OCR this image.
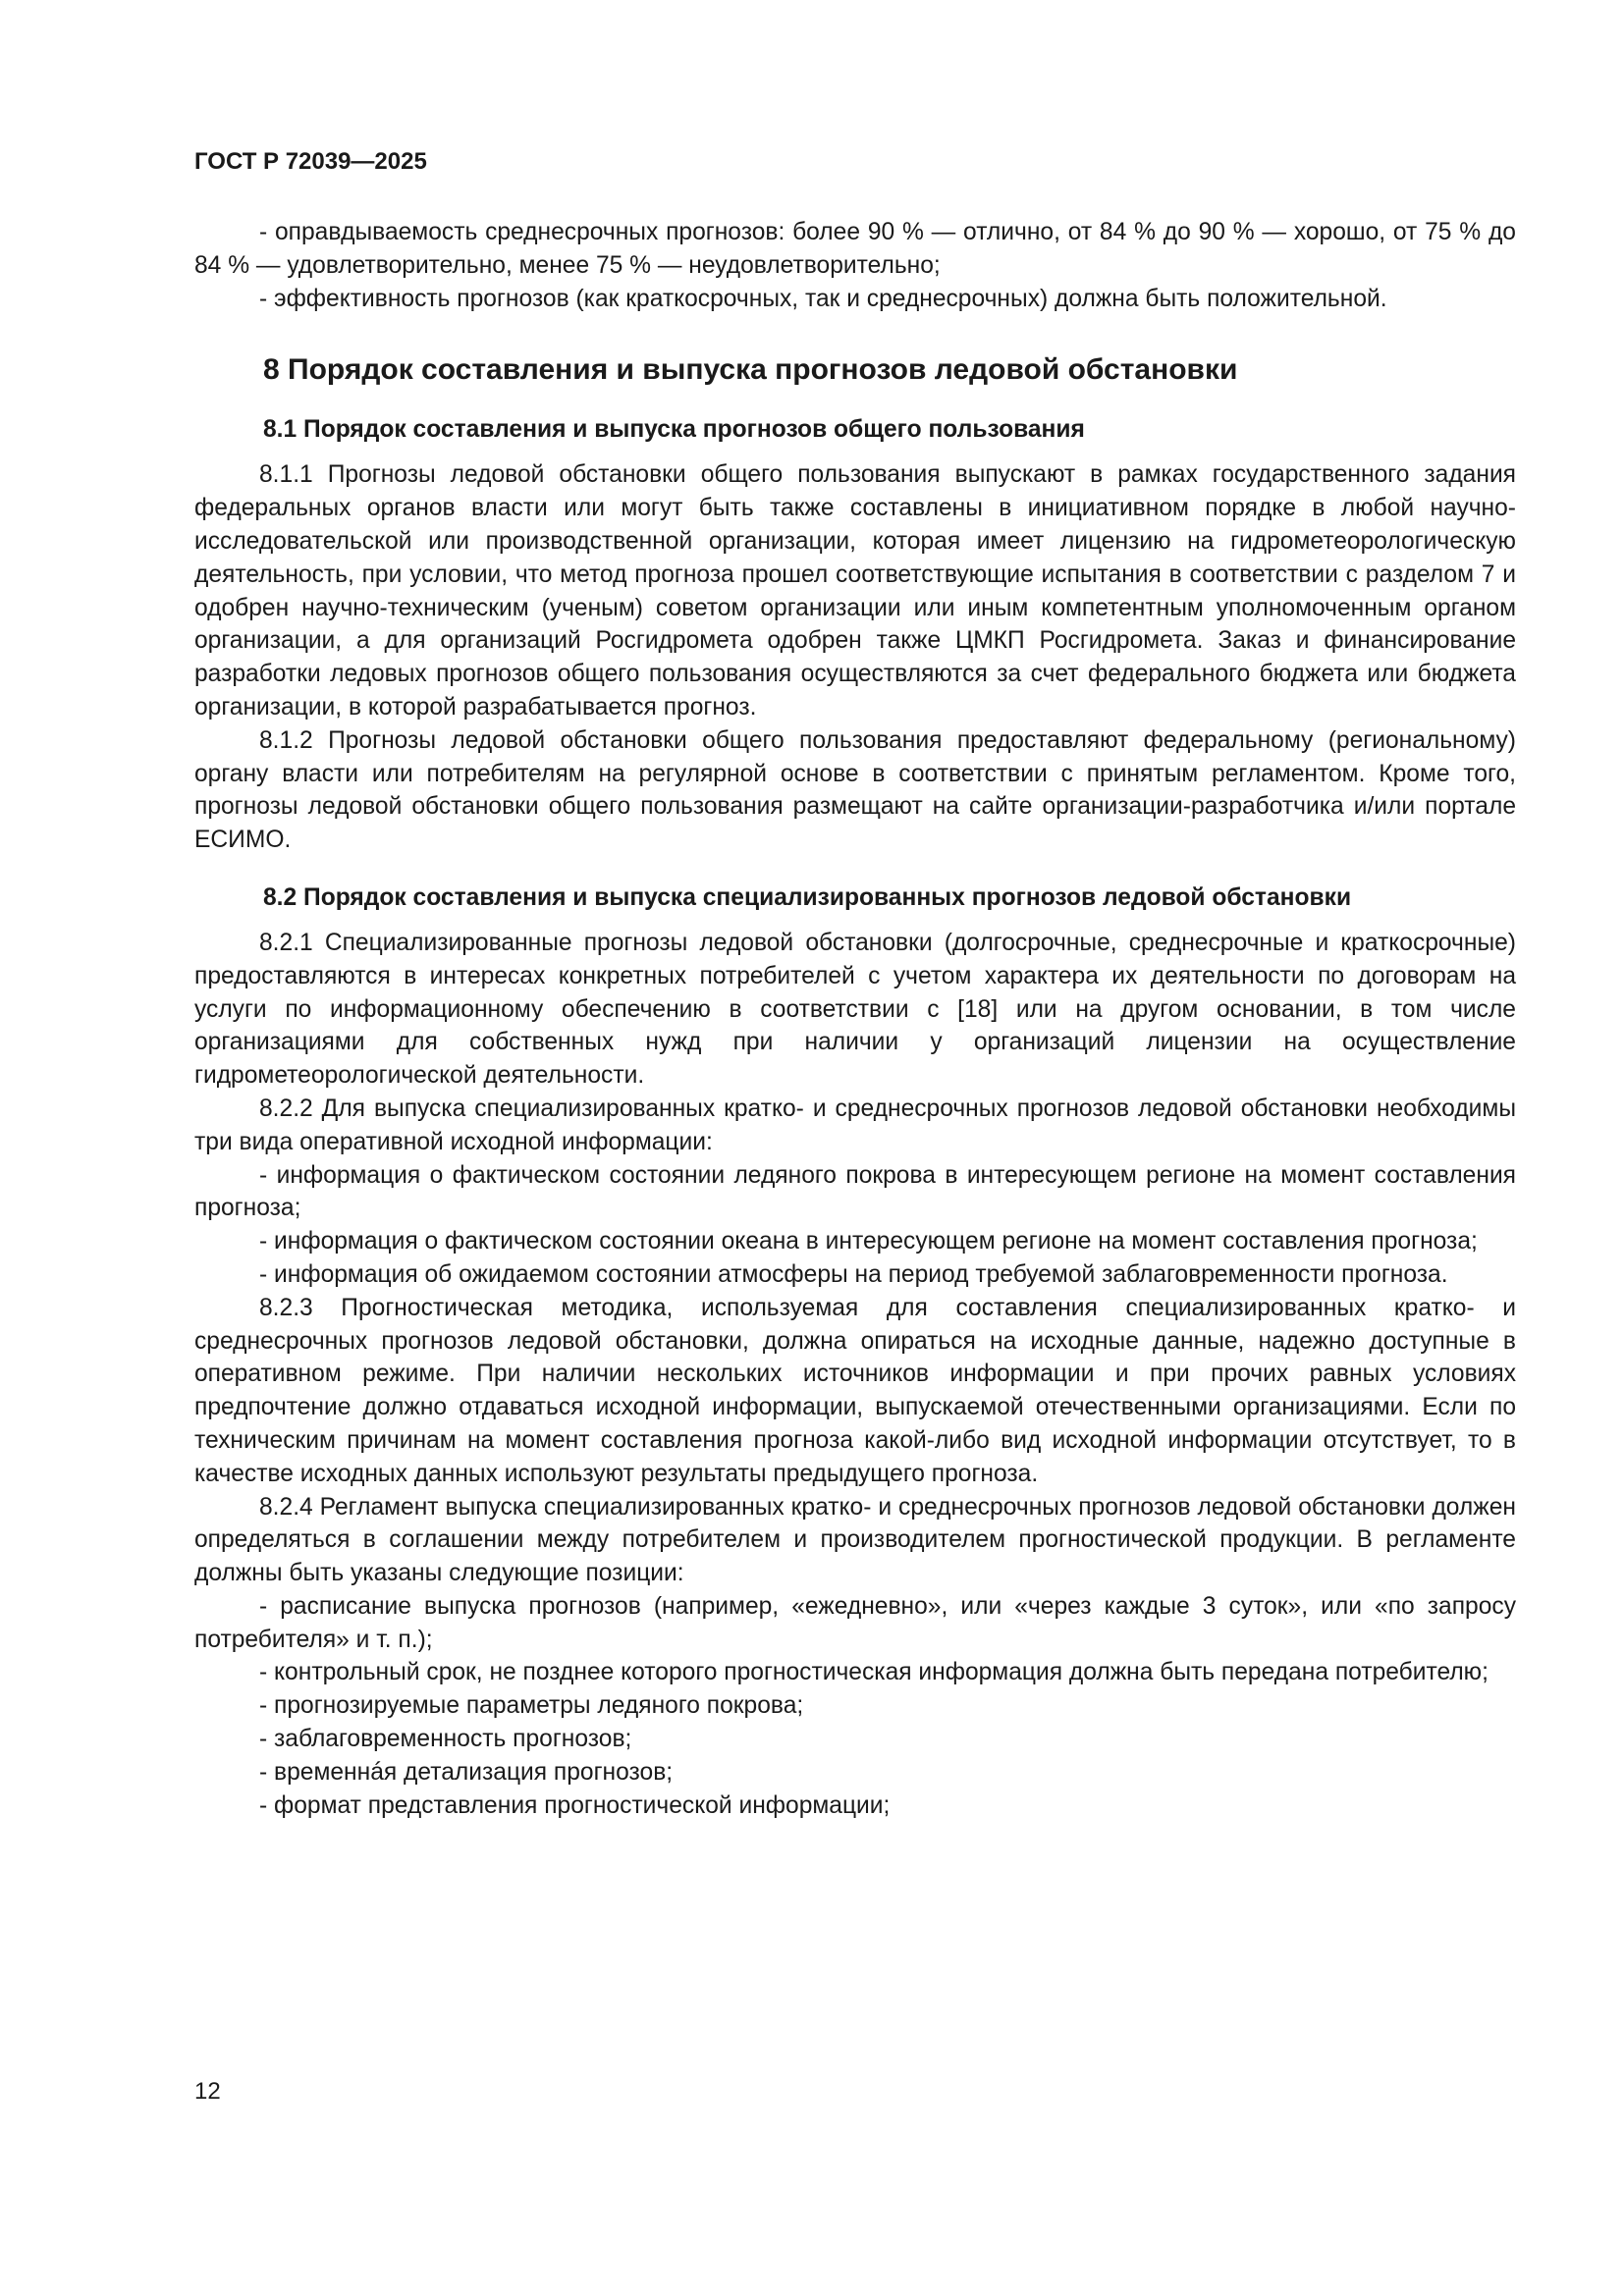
ГОСТ Р 72039—2025

- оправдываемость среднесрочных прогнозов: более 90 % — отлично, от 84 % до 90 % — хорошо, от 75 % до 84 % — удовлетворительно, менее 75 % — неудовлетворительно;

- эффективность прогнозов (как краткосрочных, так и среднесрочных) должна быть положительной.

8 Порядок составления и выпуска прогнозов ледовой обстановки
8.1 Порядок составления и выпуска прогнозов общего пользования

8.1.1 Прогнозы ледовой обстановки общего пользования выпускают в рамках государственного задания федеральных органов власти или могут быть также составлены в инициативном порядке в любой научно-исследовательской или производственной организации, которая имеет лицензию на гидрометеорологическую деятельность, при условии, что метод прогноза прошел соответствующие испытания в соответствии с разделом 7 и одобрен научно-техническим (ученым) советом организации или иным компетентным уполномоченным органом организации, а для организаций Росгидромета одобрен также ЦМКП Росгидромета. Заказ и финансирование разработки ледовых прогнозов общего пользования осуществляются за счет федерального бюджета или бюджета организации, в которой разрабатывается прогноз.

8.1.2 Прогнозы ледовой обстановки общего пользования предоставляют федеральному (региональному) органу власти или потребителям на регулярной основе в соответствии с принятым регламентом. Кроме того, прогнозы ледовой обстановки общего пользования размещают на сайте организации-разработчика и/или портале ЕСИМО.

8.2 Порядок составления и выпуска специализированных прогнозов ледовой обстановки

8.2.1 Специализированные прогнозы ледовой обстановки (долгосрочные, среднесрочные и краткосрочные) предоставляются в интересах конкретных потребителей с учетом характера их деятельности по договорам на услуги по информационному обеспечению в соответствии с [18] или на другом основании, в том числе организациями для собственных нужд при наличии у организаций лицензии на осуществление гидрометеорологической деятельности.

8.2.2 Для выпуска специализированных кратко- и среднесрочных прогнозов ледовой обстановки необходимы три вида оперативной исходной информации:

- информация о фактическом состоянии ледяного покрова в интересующем регионе на момент составления прогноза;

- информация о фактическом состоянии океана в интересующем регионе на момент составления прогноза;

- информация об ожидаемом состоянии атмосферы на период требуемой заблаговременности прогноза.

8.2.3 Прогностическая методика, используемая для составления специализированных кратко- и среднесрочных прогнозов ледовой обстановки, должна опираться на исходные данные, надежно доступные в оперативном режиме. При наличии нескольких источников информации и при прочих равных условиях предпочтение должно отдаваться исходной информации, выпускаемой отечественными организациями. Если по техническим причинам на момент составления прогноза какой-либо вид исходной информации отсутствует, то в качестве исходных данных используют результаты предыдущего прогноза.

8.2.4 Регламент выпуска специализированных кратко- и среднесрочных прогнозов ледовой обстановки должен определяться в соглашении между потребителем и производителем прогностической продукции. В регламенте должны быть указаны следующие позиции:

- расписание выпуска прогнозов (например, «ежедневно», или «через каждые 3 суток», или «по запросу потребителя» и т. п.);

- контрольный срок, не позднее которого прогностическая информация должна быть передана потребителю;

- прогнозируемые параметры ледяного покрова;

- заблаговременность прогнозов;

- временнáя детализация прогнозов;

- формат представления прогностической информации;

12
